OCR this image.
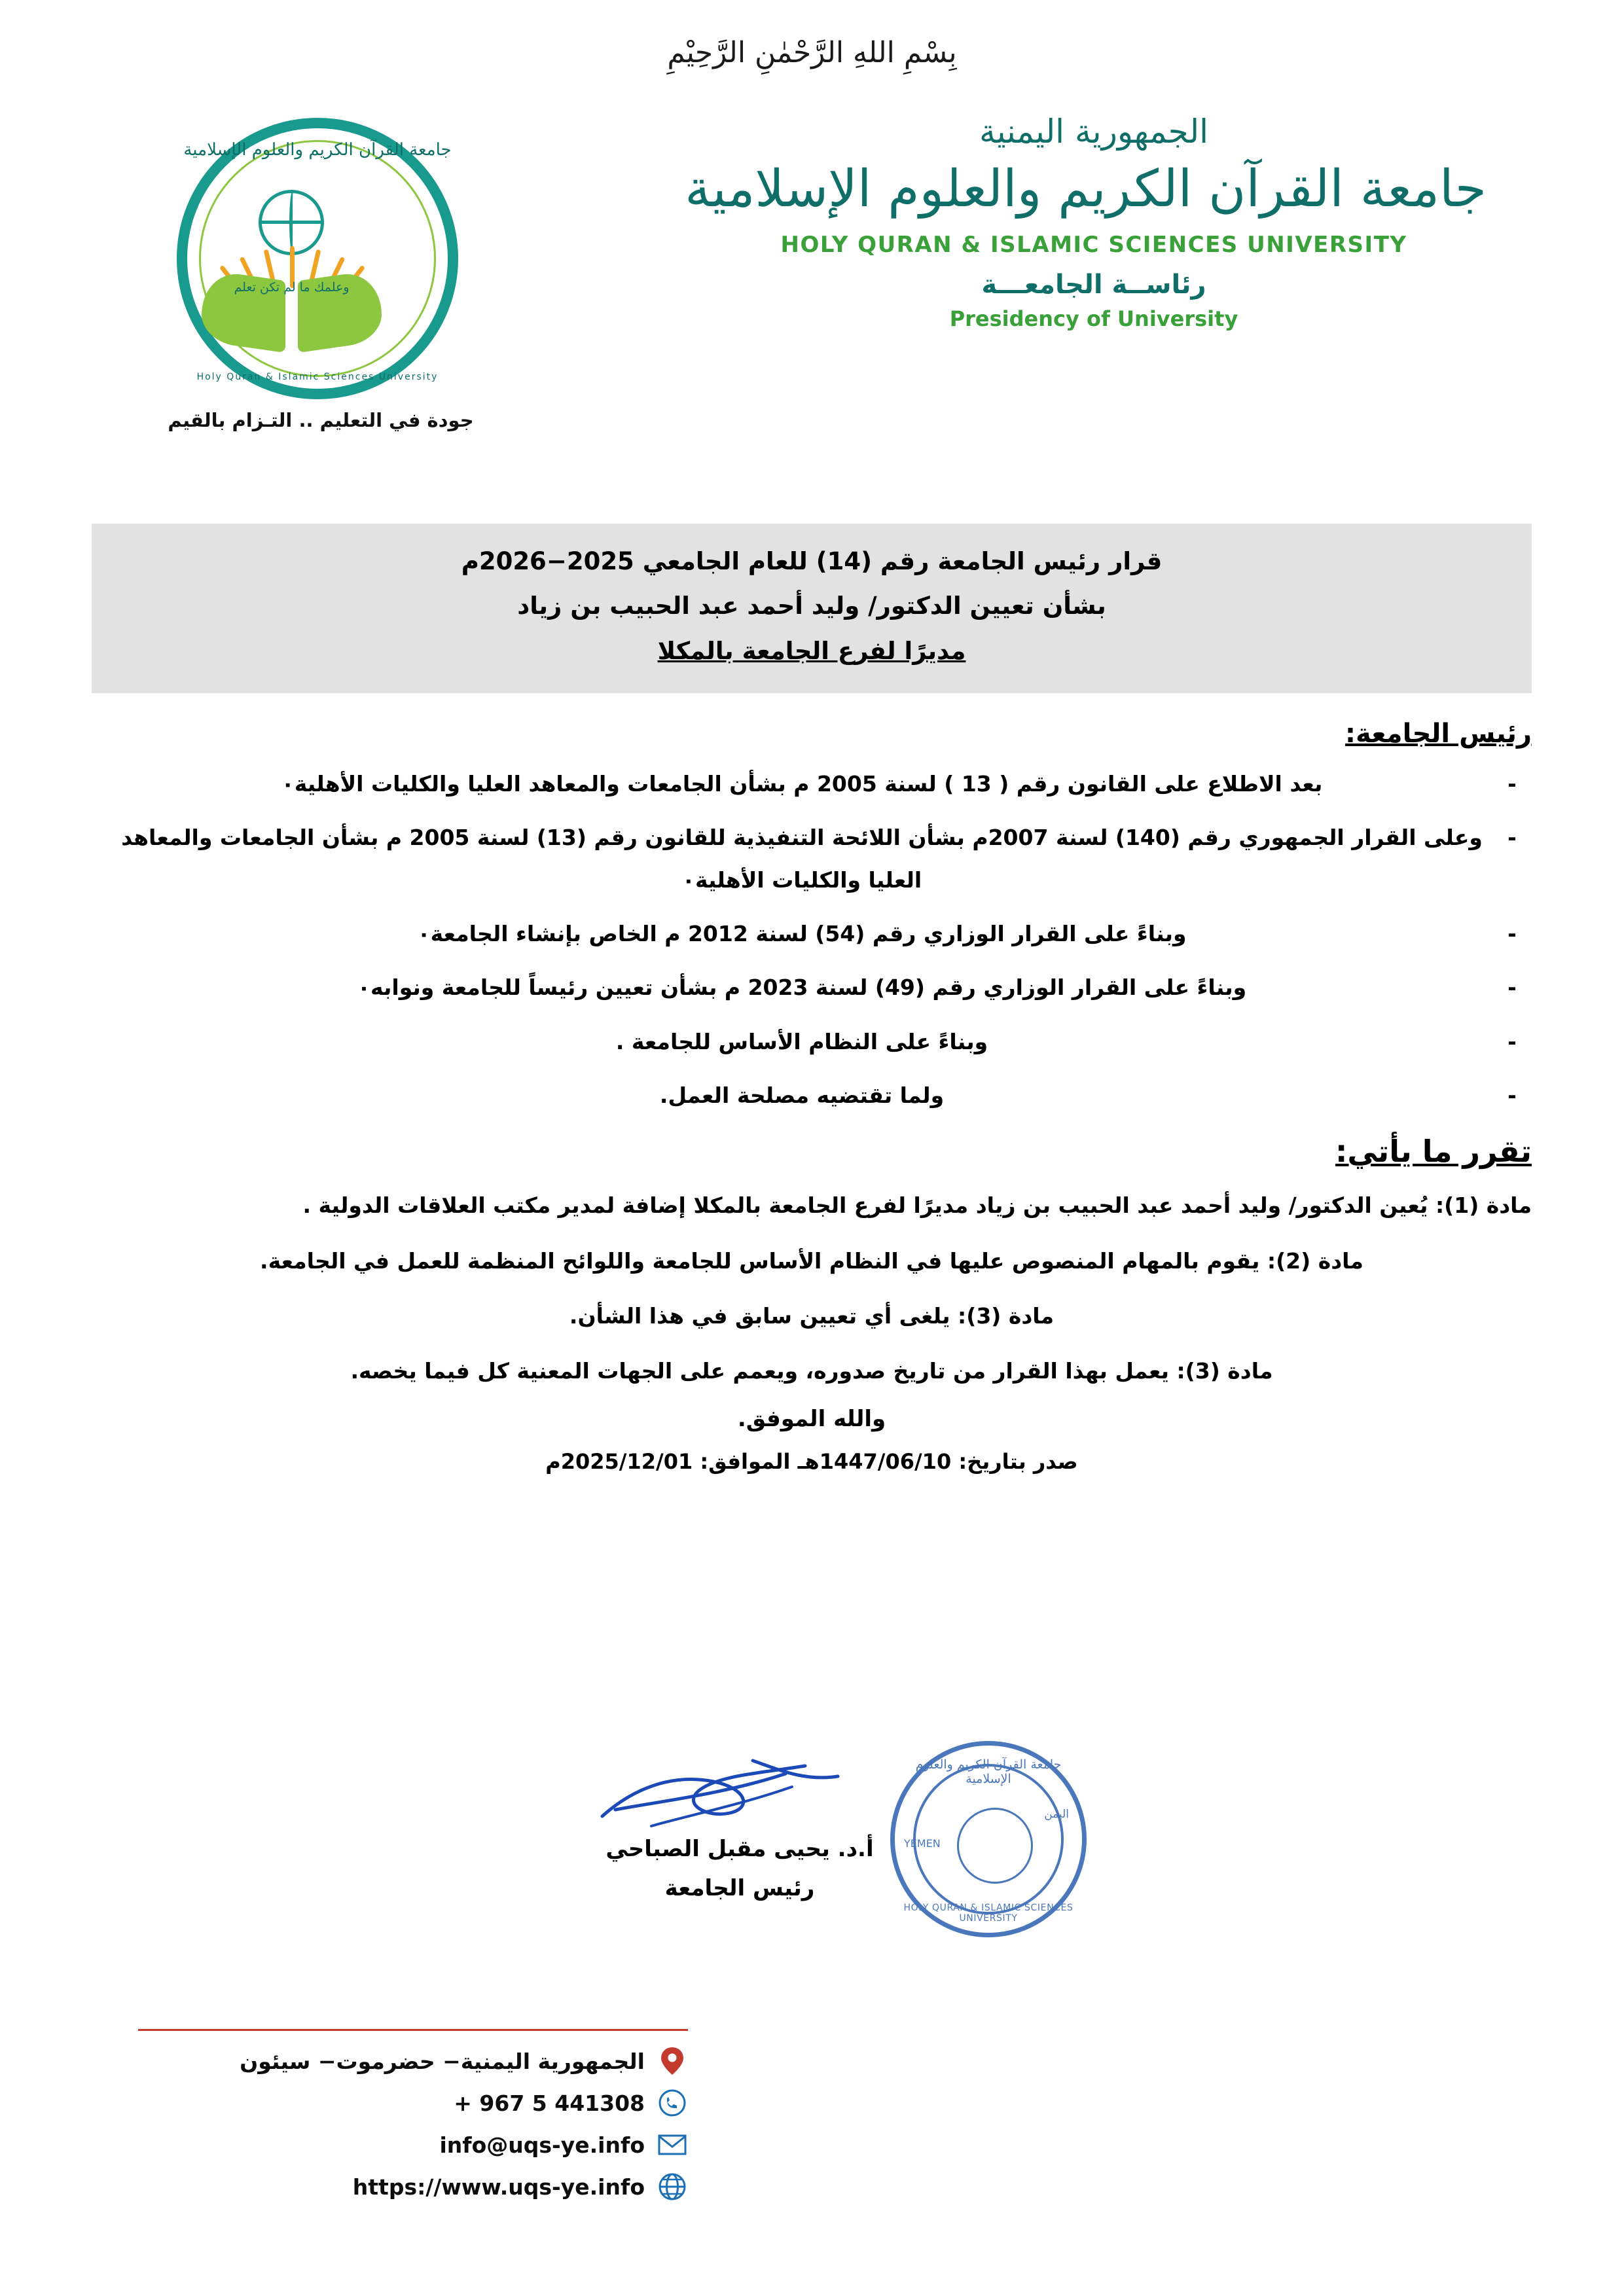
بِسْمِ اللهِ الرَّحْمٰنِ الرَّحِيْمِ
جامعة القرآن الكريم والعلوم الإسلامية
Holy Quran & Islamic Sciences University
وعلمك ما لم تكن تعلم
جودة في التعليم .. التـزام بالقيم
الجمهورية اليمنية
جامعة القرآن الكريم والعلوم الإسلامية
HOLY QURAN & ISLAMIC SCIENCES UNIVERSITY
رئاســة الجامعـــة
Presidency of University
قرار رئيس الجامعة رقم (14) للعام الجامعي 2025−2026م
بشأن تعيين الدكتور/ وليد أحمد عبد الحبيب بن زياد
مديرًا لفرع الجامعة بالمكلا
رئيس الجامعة:
-
بعد الاطلاع على القانون رقم ( 13 ) لسنة 2005 م بشأن الجامعات والمعاهد العليا والكليات الأهلية٠
-
وعلى القرار الجمهوري رقم (140) لسنة 2007م بشأن اللائحة التنفيذية للقانون رقم (13) لسنة 2005 م بشأن الجامعات والمعاهد العليا والكليات الأهلية٠
-
وبناءً على القرار الوزاري رقم (54) لسنة 2012 م الخاص بإنشاء الجامعة٠
-
وبناءً على القرار الوزاري رقم (49) لسنة 2023 م بشأن تعيين رئيساً للجامعة ونوابه٠
-
وبناءً على النظام الأساس للجامعة .
-
ولما تقتضيه مصلحة العمل.
تقرر ما يأتي:
مادة (1): يُعين الدكتور/ وليد أحمد عبد الحبيب بن زياد مديرًا لفرع الجامعة بالمكلا إضافة لمدير مكتب العلاقات الدولية .
مادة (2): يقوم بالمهام المنصوص عليها في النظام الأساس للجامعة واللوائح المنظمة للعمل في الجامعة.
مادة (3): يلغى أي تعيين سابق في هذا الشأن.
مادة (3): يعمل بهذا القرار من تاريخ صدوره، ويعمم على الجهات المعنية كل فيما يخصه.
والله الموفق.
صدر بتاريخ: 1447/06/10هـ الموافق: 2025/12/01م
جامعة القرآن الكريم والعلوم الإسلامية
اليمن
YEMEN
HOLY QURAN & ISLAMIC SCIENCES UNIVERSITY
أ.د. يحيى مقبل الصباحي
رئيس الجامعة
الجمهورية اليمنية− حضرموت− سيئون
+ 967 5 441308
info@uqs-ye.info
https://www.uqs-ye.info
